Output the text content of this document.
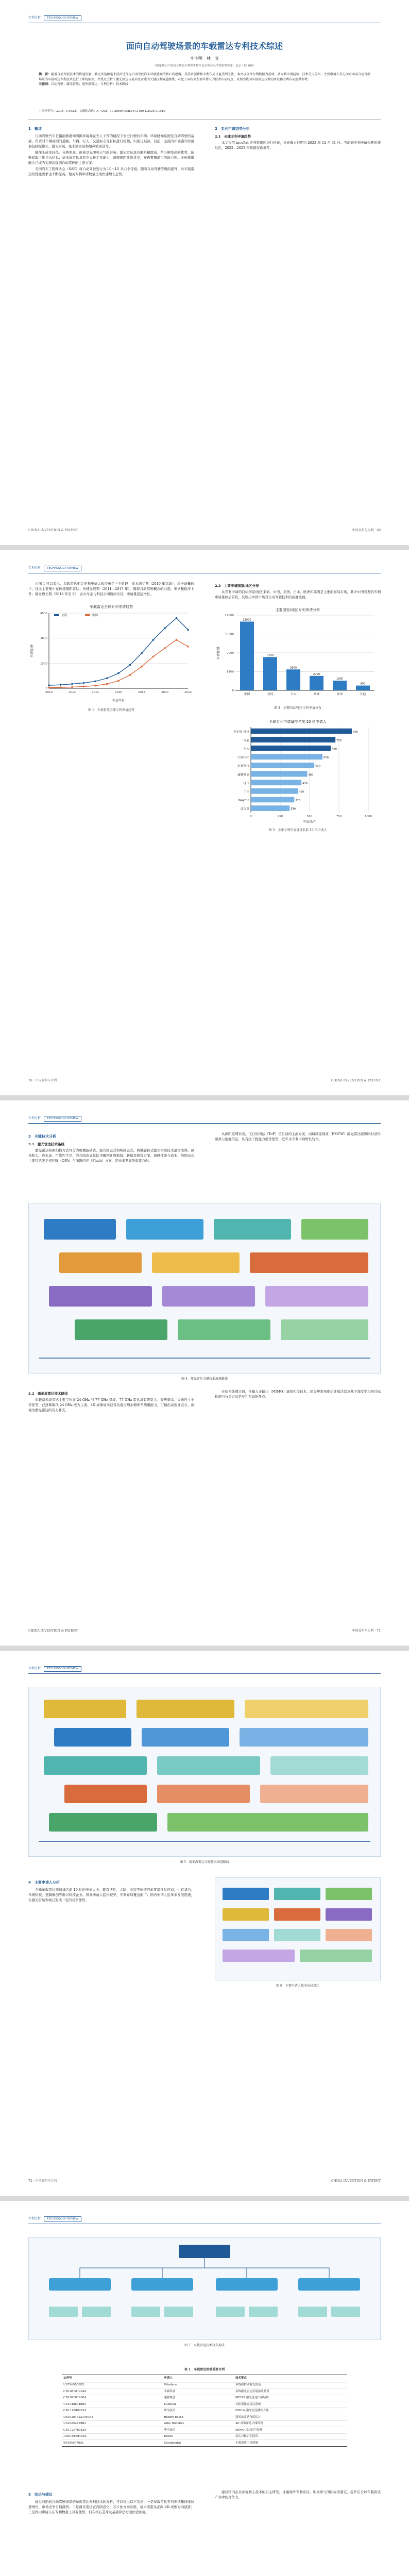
专利分析 TECHNOLOGY REVIEW
面向自动驾驶场景的车载雷达专利技术综述
李小明　林　宣
（国家知识产权局专利局专利审查协作北京中心电学发明审查部，北京 100160）
摘　要：随着自动驾驶技术的快速发展，激光雷达和毫米波雷达作为自动驾驶汽车环境感知的核心传感器，其技术创新和专利布局日益受到关注。本文以全球专利数据为基础，从专利申请趋势、技术分支分布、主要申请人等方面对面向自动驾驶场景的车载雷达专利技术进行了系统梳理，并重点分析了激光雷达与毫米波雷达的关键技术演进路线，对比了国内外主要申请人的技术布局特点，以期为我国车载雷达技术的研发和专利布局提供参考。
关键词：自动驾驶；激光雷达；毫米波雷达；专利分析；技术路线
中图分类号：G306；U463.6　 文献标志码：A　 DOI：10.3969/j.issn.1672-6081.2024.01.010
1　概述

自动驾驶汽车是指能够感知周围环境并在无人干预的情况下安全行驶的车辆。环境感知系统是自动驾驶的基础，负责对车辆周围的道路、车辆、行人、交通标志等目标进行检测、识别与跟踪。目前，主流的环境感知传感器包括摄像头、激光雷达、毫米波雷达和超声波雷达等。

摄像头成本较低、分辨率高，但易受光照和天气的影响；激光雷达具有测距精度高、角分辨率高的优势，能够获取三维点云信息；毫米波雷达具有全天候工作能力，测速测距性能优良，穿透雾霾烟尘的能力强。多传感器融合已成为实现高级别自动驾驶的主流方案。

美国汽车工程师协会（SAE）将自动驾驶划分为 L0～L5 共六个等级。随着自动驾驶等级的提升，对车载雷达的性能要求也不断提高，相关专利申请数量呈现快速增长态势。

2　专利申请态势分析
2.1　全球专利申请趋势

本文采用 incoPat 专利数据库进行检索，检索截止日期为 2023 年 12 月 31 日。考虑到专利申请公开的滞后性，2022—2023 年数据仅供参考。

CHINA INVENTION & PATENT	中国发明与专利 · 69
专利分析 TECHNOLOGY REVIEW

由图 1 可以看出，车载雷达相关专利申请大致经历了三个阶段：技术萌芽期（2010 年以前），年申请量较少，技术主要集中在传统测距雷达；快速发展期（2011—2017 年），随着自动驾驶概念的兴起，申请量稳步上升；爆发增长期（2018 年至今），各大车企与科技公司纷纷布局，申请量迅猛增长。

车载雷达全球专利申请趋势
0
1500
3000
4500
2010	2012	2014	2016	2018	2020	2022
申请年份
申请量/件
全球	中国
图 1　车载雷达全球专利申请趋势
2.2　主要申请国家/地区分布

从专利申请的目标国家/地区来看，中国、美国、日本、欧洲和韩国是主要的布局市场，其中中国受理的专利申请量位居首位，反映出中国市场对自动驾驶技术的高度重视。

主要国家/地区专利申请分布
0
3500
7000
10500
14000
申请量/件
12800
中国
6200
美国
3900
日本
2700
欧洲
1800
韩国
900
其他
图 2　主要国家/地区专利申请分布
全球专利申请量排名前 10 位申请人
0	250	500	750	1000
申请量/件
860
罗伯特·博世
720
电装
680
华为
610
大陆集团
540
禾赛科技
480
速腾聚创
430
现代
400
丰田
370
Waymo
330
法雷奥
图 3　全球专利申请量排名前 10 位申请人
70 · 中国发明与专利	CHINA INVENTION & PATENT
专利分析 TECHNOLOGY REVIEW
3　关键技术分析
3.1　激光雷达技术路线

激光雷达按照扫描方式可分为机械旋转式、混合固态式和纯固态式。机械旋转式激光雷达技术最为成熟，但体积大、成本高、可靠性不足；混合固态式包括 MEMS 微振镜、转镜及棱镜方案，兼顾性能与成本；纯固态式主要包括光学相控阵（OPA）与面阵闪光（Flash）方案，是未来发展的重要方向。

从测距原理来看，飞行时间法（ToF）是目前的主流方案，而调频连续波（FMCW）激光雷达能够同时获得距离与速度信息，具有抗干扰能力强等优势，近年来专利申请增长较快。

图 4　激光雷达关键技术演进路线
3.2　毫米波雷达技术路线

车载毫米波雷达主要工作在 24 GHz 与 77 GHz 频段。77 GHz 雷达具有带宽大、分辨率高、天线尺寸小等优势，已逐渐取代 24 GHz 成为主流。4D 成像毫米波雷达通过增加俯仰角测量能力，可输出高密度点云，被视为激光雷达的有力补充。

在信号处理方面，多输入多输出（MIMO）虚拟孔径技术、超分辨率角度估计算法以及基于深度学习的目标检测与分类方法是专利布局的热点。

CHINA INVENTION & PATENT	中国发明与专利 · 71
专利分析 TECHNOLOGY REVIEW
图 5　毫米波雷达关键技术演进路线
4　主要申请人分析

全球车载雷达领域排名前 10 位的申请人中，既有博世、大陆、电装等传统汽车零部件供应商，也有华为、禾赛科技、速腾聚创等新兴科技企业。国外申请人起步较早，专利布局覆盖面广；国内申请人近年来发展迅速，在激光雷达领域已形成一定的竞争优势。

图 6　主要申请人技术布局对比
72 · 中国发明与专利	CHINA INVENTION & PATENT
专利分析 TECHNOLOGY REVIEW
图 7　车载雷达技术分支构成
表 1　车载雷达领域重要专利
公开号	申请人	技术要点
US7969558B2	Velodyne	多线旋转式激光雷达
CN108061904A	禾赛科技	多线激光雷达发射接收装置
CN109581408A	速腾聚创	MEMS 激光雷达扫描结构
US10408940B2	Luminar	长距离激光雷达系统
CN111289983A	华为技术	FMCW 激光雷达测距方法
DE102016221049A1	Robert Bosch	毫米波雷达角度估计
US10852419B2	Arbe Robotics	4D 成像雷达天线阵列
CN112578342A	华为技术	MIMO 雷达信号处理
JP2019168449A	Denso	雷达目标识别装置
EP3546976A1	Continental	车载雷达干扰抑制
5　结论与建议

通过对面向自动驾驶场景的车载雷达专利技术的分析，可以得出以下结论：一是车载雷达专利申请量持续快速增长，市场竞争日趋激烈；二是激光雷达正向固态化、芯片化方向发展，毫米波雷达正向 4D 成像方向演进；三是国内申请人在专利数量上具有优势，但在核心芯片及基础算法方面仍需加强。

建议国内企业加强核心技术的自主研发，注重海外专利布局，积极参与国际标准制定，提升在全球车载雷达产业中的竞争力。
